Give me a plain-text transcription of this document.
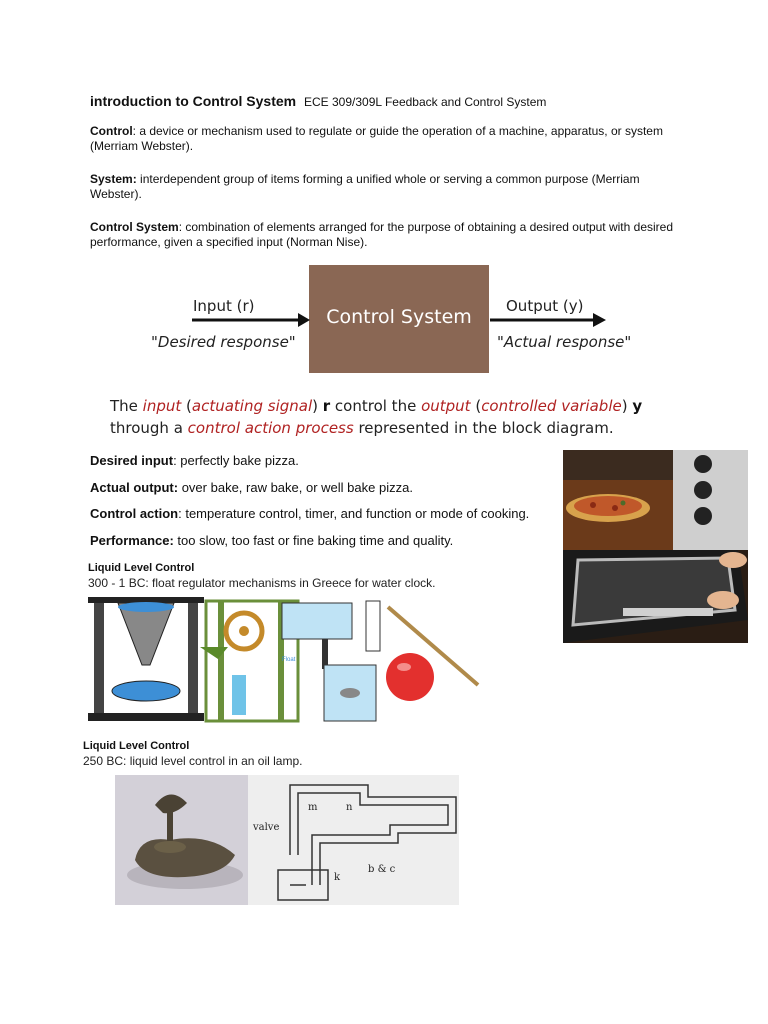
introduction to Control System ECE 309/309L Feedback and Control System
Control: a device or mechanism used to regulate or guide the operation of a machine, apparatus, or system (Merriam Webster).
System: interdependent group of items forming a unified whole or serving a common purpose (Merriam Webster).
Control System: combination of elements arranged for the purpose of obtaining a desired output with desired performance, given a specified input (Norman Nise).
Control System
Input (r)
"Desired response"
Output (y)
"Actual response"
The input (actuating signal) r control the output (controlled variable) y
through a control action process represented in the block diagram.
Desired input: perfectly bake pizza.
Actual output: over bake, raw bake, or well bake pizza.
Control action: temperature control, timer, and function or mode of cooking.
Performance: too slow, too fast or fine baking time and quality.
Liquid Level Control
300 - 1 BC: float regulator mechanisms in Greece for water clock.
Float
Liquid Level Control
250 BC: liquid level control in an oil lamp.
valve
m	n
k
b & c
